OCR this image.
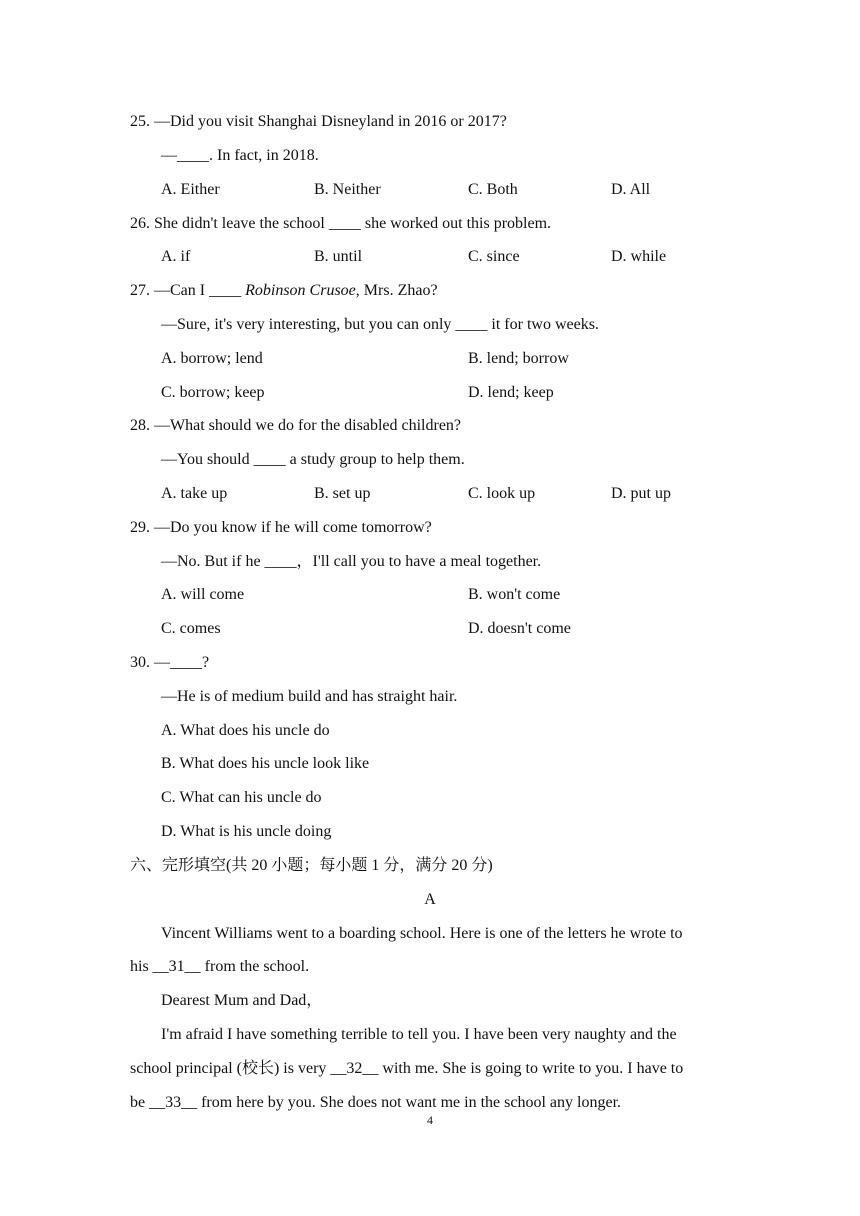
25. —Did you visit Shanghai Disneyland in 2016 or 2017?
—____. In fact, in 2018.
A. Either	B. Neither	C. Both	D. All
26. She didn't leave the school ____ she worked out this problem.
A. if	B. until	C. since	D. while
27. —Can I ____ Robinson Crusoe, Mrs. Zhao?
—Sure, it's very interesting, but you can only ____ it for two weeks.
A. borrow; lend	B. lend; borrow
C. borrow; keep	D. lend; keep
28. —What should we do for the disabled children?
—You should ____ a study group to help them.
A. take up	B. set up	C. look up	D. put up
29. —Do you know if he will come tomorrow?
—No. But if he ____，I'll call you to have a meal together.
A. will come	B. won't come
C. comes	D. doesn't come
30. —____?
—He is of medium build and has straight hair.
A. What does his uncle do
B. What does his uncle look like
C. What can his uncle do
D. What is his uncle doing
六、完形填空(共 20 小题；每小题 1 分，满分 20 分)
A
Vincent Williams went to a boarding school. Here is one of the letters he wrote to
his __31__ from the school.
Dearest Mum and Dad，
I'm afraid I have something terrible to tell you. I have been very naughty and the
school principal (校长) is very __32__ with me. She is going to write to you. I have to
be __33__ from here by you. She does not want me in the school any longer.
4
